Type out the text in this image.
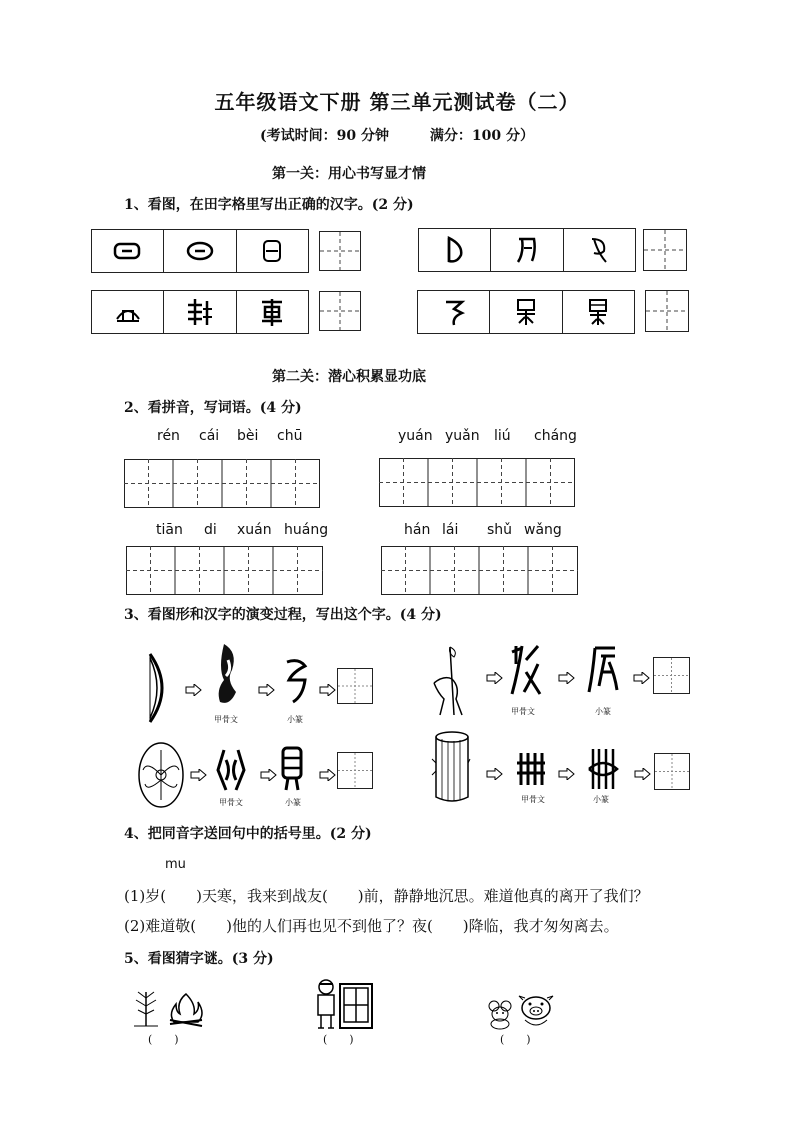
五年级语文下册 第三单元测试卷（二）
(考试时间：90 分钟	满分：100 分）
第一关：用心书写显才情
1、看图，在田字格里写出正确的汉字。(2 分)
第二关：潜心积累显功底
2、看拼音，写词语。(4 分)
rén cái bèi chū	yuán yuǎn liú cháng
tiān di xuán huáng	hán lái shǔ wǎng
3、看图形和汉字的演变过程，写出这个字。(4 分)
甲骨文	小篆
甲骨文	小篆
甲骨文	小篆	甲骨文	小篆
4、把同音字送回句中的括号里。(2 分)
mu
(1)岁(　　)天寒，我来到战友(　　)前，静静地沉思。难道他真的离开了我们？
(2)难道敬(　　)他的人们再也见不到他了？夜(　　)降临，我才匆匆离去。
5、看图猜字谜。(3 分)
(　　)	(　　)	(　　)
